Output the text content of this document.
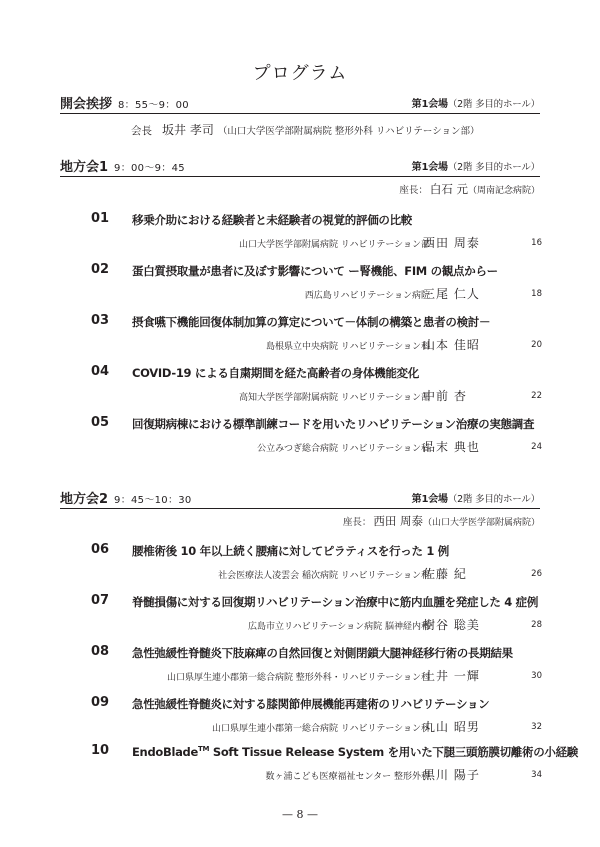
プログラム
開会挨拶 8：55～9：00	第1会場（2階 多目的ホール）
会長 坂井 孝司 （山口大学医学部附属病院 整形外科 リハビリテーション部）
地方会1 9：00～9：45	第1会場（2階 多目的ホール）
座長： 白石 元（周南記念病院）
01 移乗介助における経験者と未経験者の視覚的評価の比較
山口大学医学部附属病院 リハビリテーション部
西田 周泰	16
02 蛋白質摂取量が患者に及ぼす影響について ー腎機能、FIM の観点からー
西広島リハビリテーション病院
三尾 仁人	18
03 摂食嚥下機能回復体制加算の算定について－体制の構築と患者の検討－
島根県立中央病院 リハビリテーション科
山本 佳昭	20
04 COVID-19 による自粛期間を経た高齢者の身体機能変化
高知大学医学部附属病院 リハビリテーション部
中前 杏	22
05 回復期病棟における標準訓練コードを用いたリハビリテーション治療の実態調査
公立みつぎ総合病院 リハビリテーション科
品末 典也	24
地方会2 9：45～10：30	第1会場（2階 多目的ホール）
座長： 西田 周泰（山口大学医学部附属病院）
06 腰椎術後 10 年以上続く腰痛に対してピラティスを行った 1 例
社会医療法人凌雲会 稲次病院 リハビリテーション科
佐藤 紀	26
07 脊髄損傷に対する回復期リハビリテーション治療中に筋内血腫を発症した 4 症例
広島市立リハビリテーション病院 脳神経内科
樹谷 聡美	28
08 急性弛緩性脊髄炎下肢麻痺の自然回復と対側閉鎖大腿神経移行術の長期結果
山口県厚生連小郡第一総合病院 整形外科・リハビリテーション科
土井 一輝	30
09 急性弛緩性脊髄炎に対する膝関節伸展機能再建術のリハビリテーション
山口県厚生連小郡第一総合病院 リハビリテーション科
丸山 昭男	32
10 EndoBlade™ Soft Tissue Release System を用いた下腿三頭筋膜切離術の小経験
数ヶ浦こども医療福祉センター 整形外科
黒川 陽子	34
— 8 —
